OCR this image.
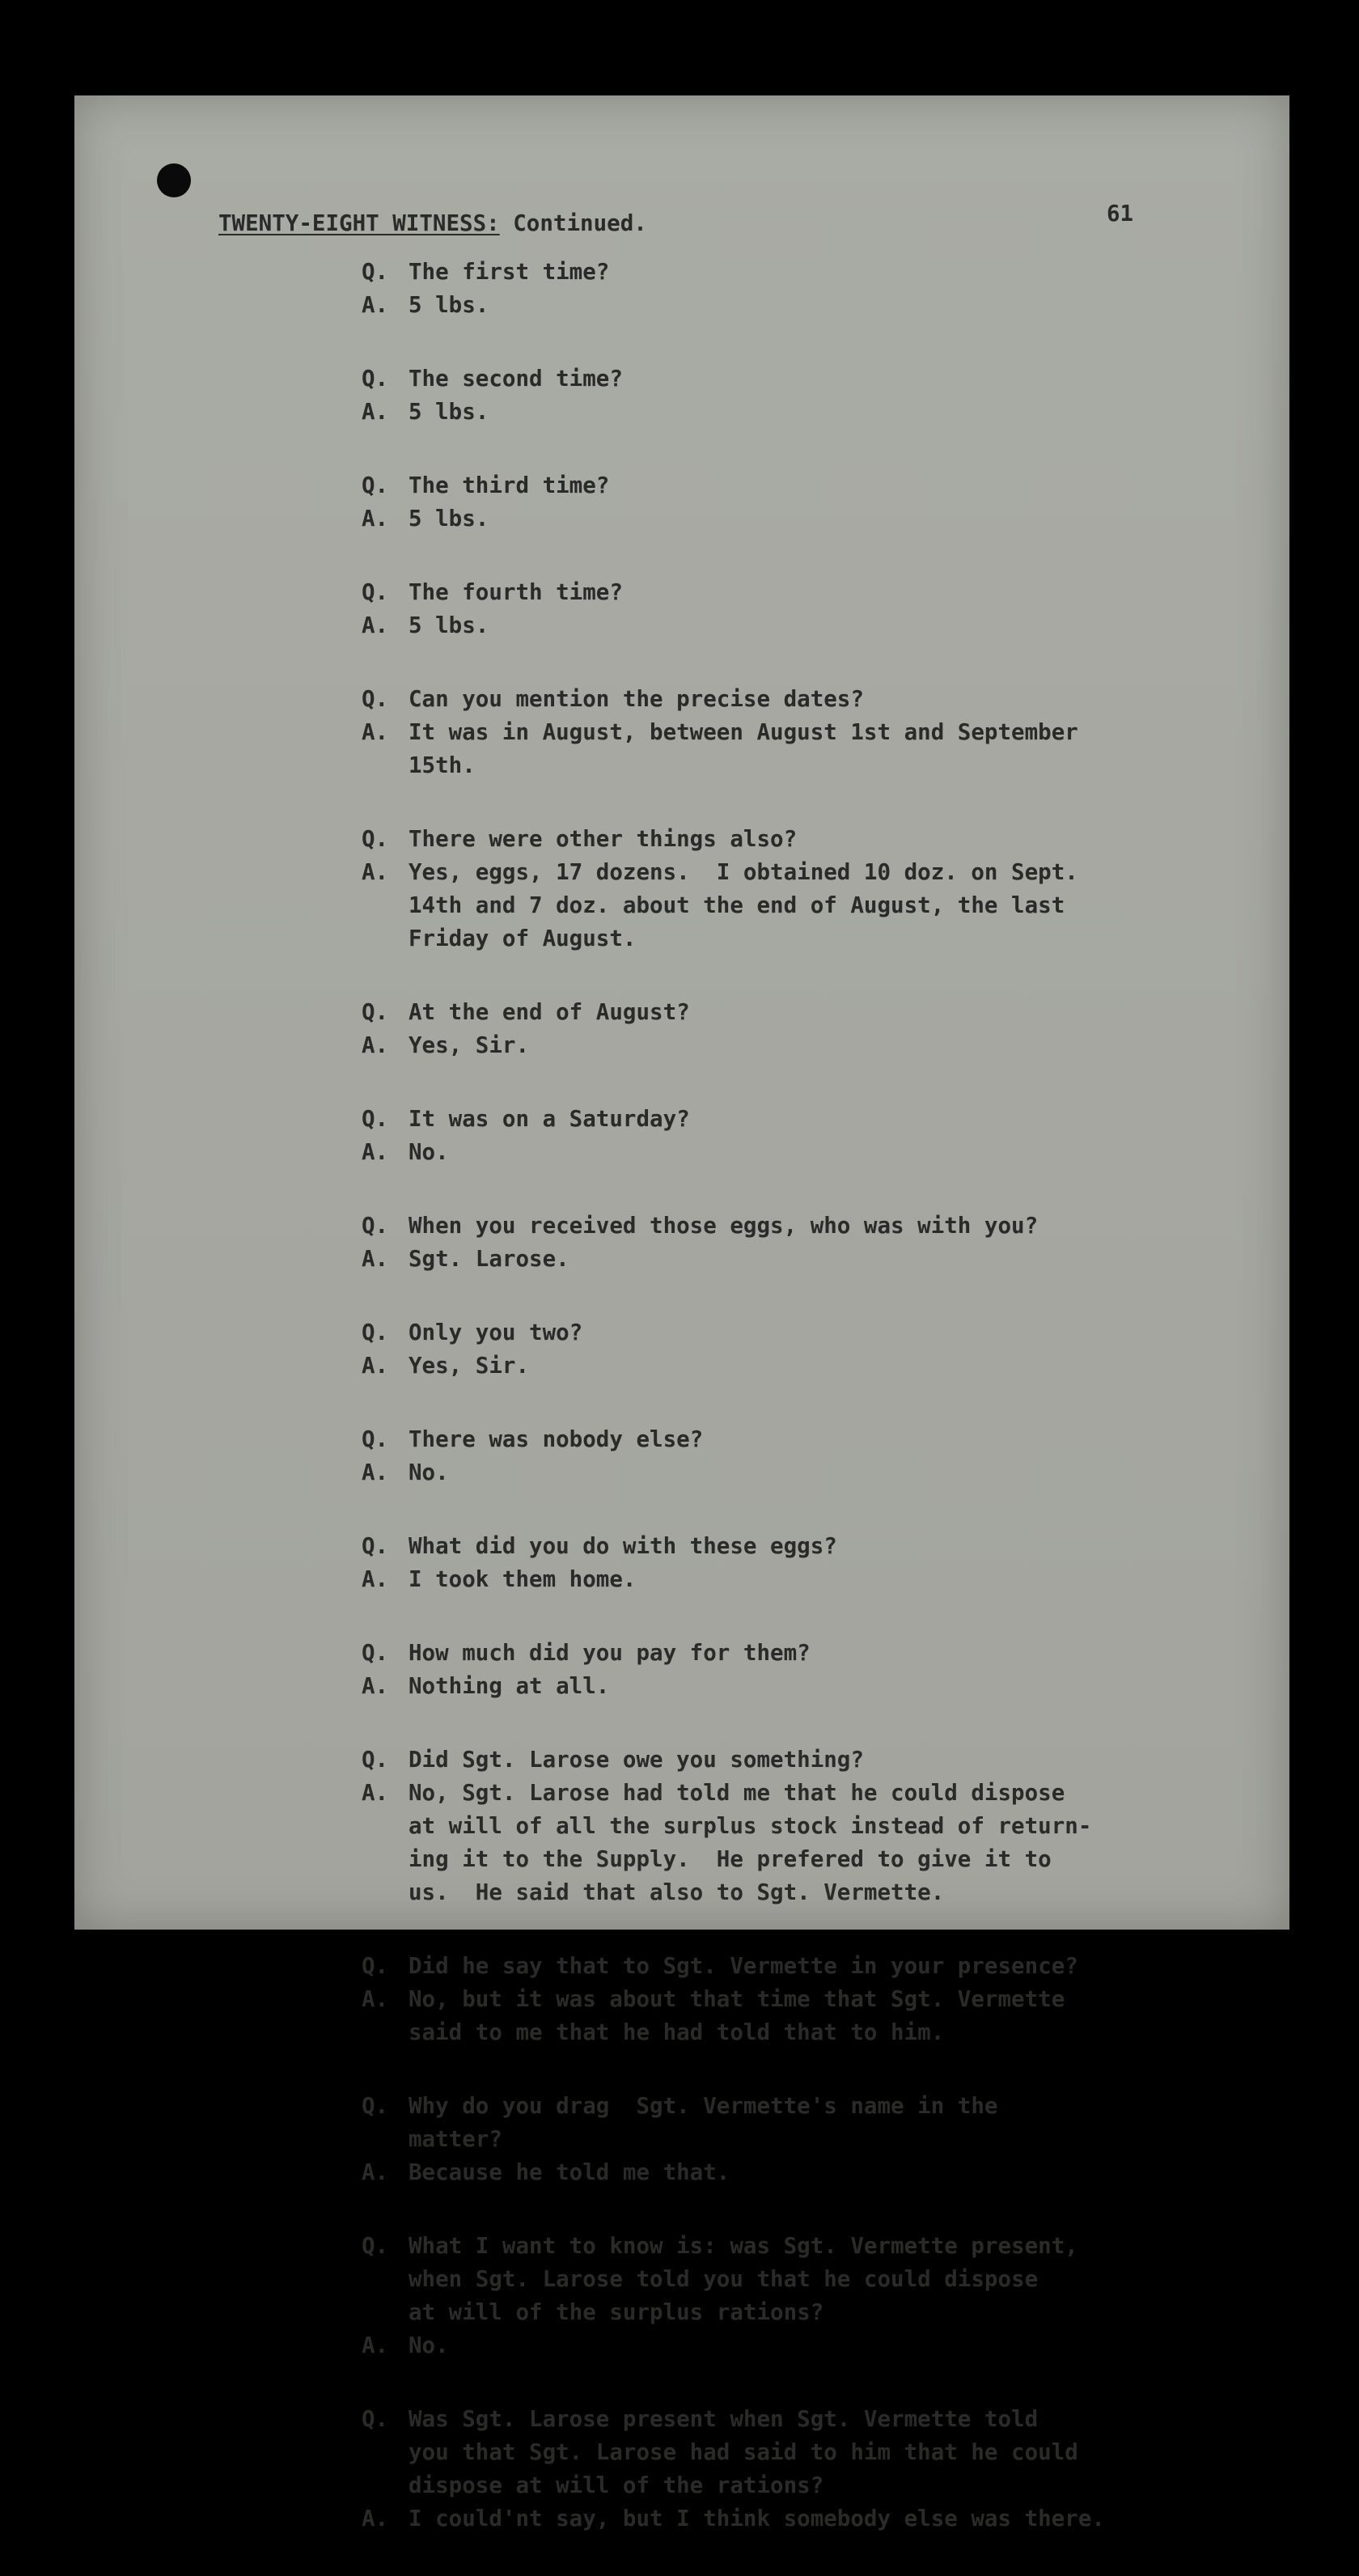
TWENTY-EIGHT WITNESS: Continued.	61
Q. The first time?
A. 5 lbs.
Q. The second time?
A. 5 lbs.
Q. The third time?
A. 5 lbs.
Q. The fourth time?
A. 5 lbs.
Q. Can you mention the precise dates?
A. It was in August, between August 1st and September
15th.
Q. There were other things also?
A. Yes, eggs, 17 dozens.  I obtained 10 doz. on Sept.
14th and 7 doz. about the end of August, the last
Friday of August.
Q. At the end of August?
A. Yes, Sir.
Q. It was on a Saturday?
A. No.
Q. When you received those eggs, who was with you?
A. Sgt. Larose.
Q. Only you two?
A. Yes, Sir.
Q. There was nobody else?
A. No.
Q. What did you do with these eggs?
A. I took them home.
Q. How much did you pay for them?
A. Nothing at all.
Q. Did Sgt. Larose owe you something?
A. No, Sgt. Larose had told me that he could dispose
at will of all the surplus stock instead of return-
ing it to the Supply.  He prefered to give it to
us.  He said that also to Sgt. Vermette.
Q. Did he say that to Sgt. Vermette in your presence?
A. No, but it was about that time that Sgt. Vermette
said to me that he had told that to him.
Q. Why do you drag  Sgt. Vermette's name in the
matter?
A. Because he told me that.
Q. What I want to know is: was Sgt. Vermette present,
when Sgt. Larose told you that he could dispose
at will of the surplus rations?
A. No.
Q. Was Sgt. Larose present when Sgt. Vermette told
you that Sgt. Larose had said to him that he could
dispose at will of the rations?
A. I could'nt say, but I think somebody else was there.
